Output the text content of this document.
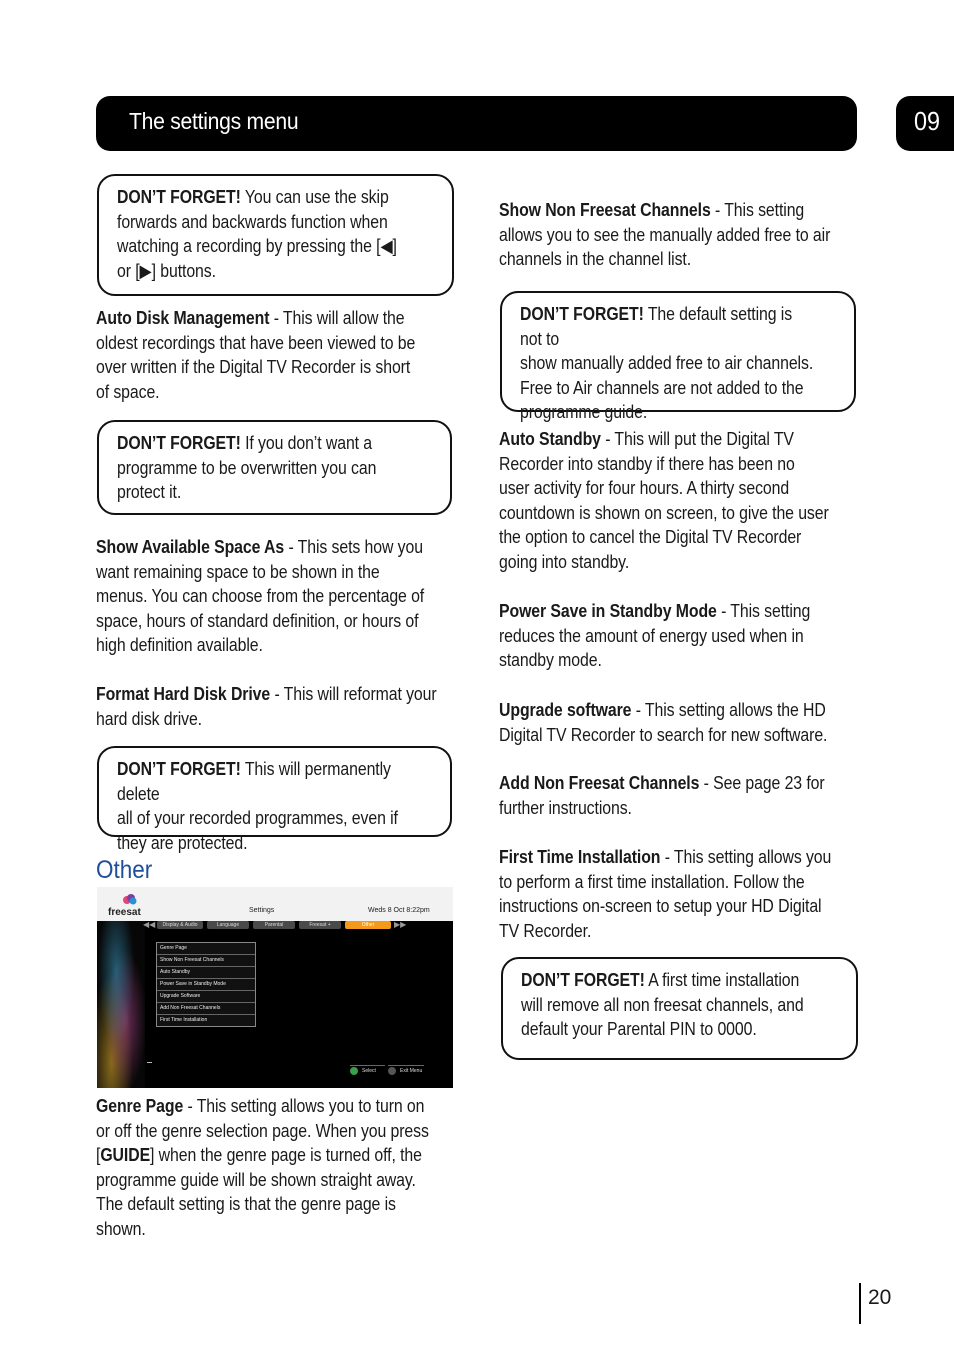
The settings menu	09
DON’T FORGET! You can use the skip
forwards and backwards function when
watching a recording by pressing the [◀]
or [▶] buttons.
Auto Disk Management - This will allow the
oldest recordings that have been viewed to be
over written if the Digital TV Recorder is short
of space.
DON’T FORGET! If you don’t want a
programme to be overwritten you can
protect it.
Show Available Space As - This sets how you
want remaining space to be shown in the
menus. You can choose from the percentage of
space, hours of standard definition, or hours of
high definition available.
Format Hard Disk Drive - This will reformat your
hard disk drive.
DON’T FORGET! This will permanently delete
all of your recorded programmes, even if
they are protected.
Other
freesat	Settings	Weds 8 Oct 8:22pm
◀◀	Display & Audio	Language	Parental	Freesat +	Other	▶▶
Genre Page
Show Non Freesat Channels
Auto Standby
Power Save in Standby Mode
Upgrade Software
Add Non Freesat Channels
First Time Installation
Select	Exit Menu
Genre Page - This setting allows you to turn on
or off the genre selection page. When you press
[GUIDE] when the genre page is turned off, the
programme guide will be shown straight away.
The default setting is that the genre page is
shown.
Show Non Freesat Channels - This setting
allows you to see the manually added free to air
channels in the channel list.
DON’T FORGET! The default setting is not to
show manually added free to air channels.
Free to Air channels are not added to the
programme guide.
Auto Standby - This will put the Digital TV
Recorder into standby if there has been no
user activity for four hours. A thirty second
countdown is shown on screen, to give the user
the option to cancel the Digital TV Recorder
going into standby.
Power Save in Standby Mode - This setting
reduces the amount of energy used when in
standby mode.
Upgrade software - This setting allows the HD
Digital TV Recorder to search for new software.
Add Non Freesat Channels - See page 23 for
further instructions.
First Time Installation - This setting allows you
to perform a first time installation. Follow the
instructions on-screen to setup your HD Digital
TV Recorder.
DON’T FORGET! A first time installation
will remove all non freesat channels, and
default your Parental PIN to 0000.
20
